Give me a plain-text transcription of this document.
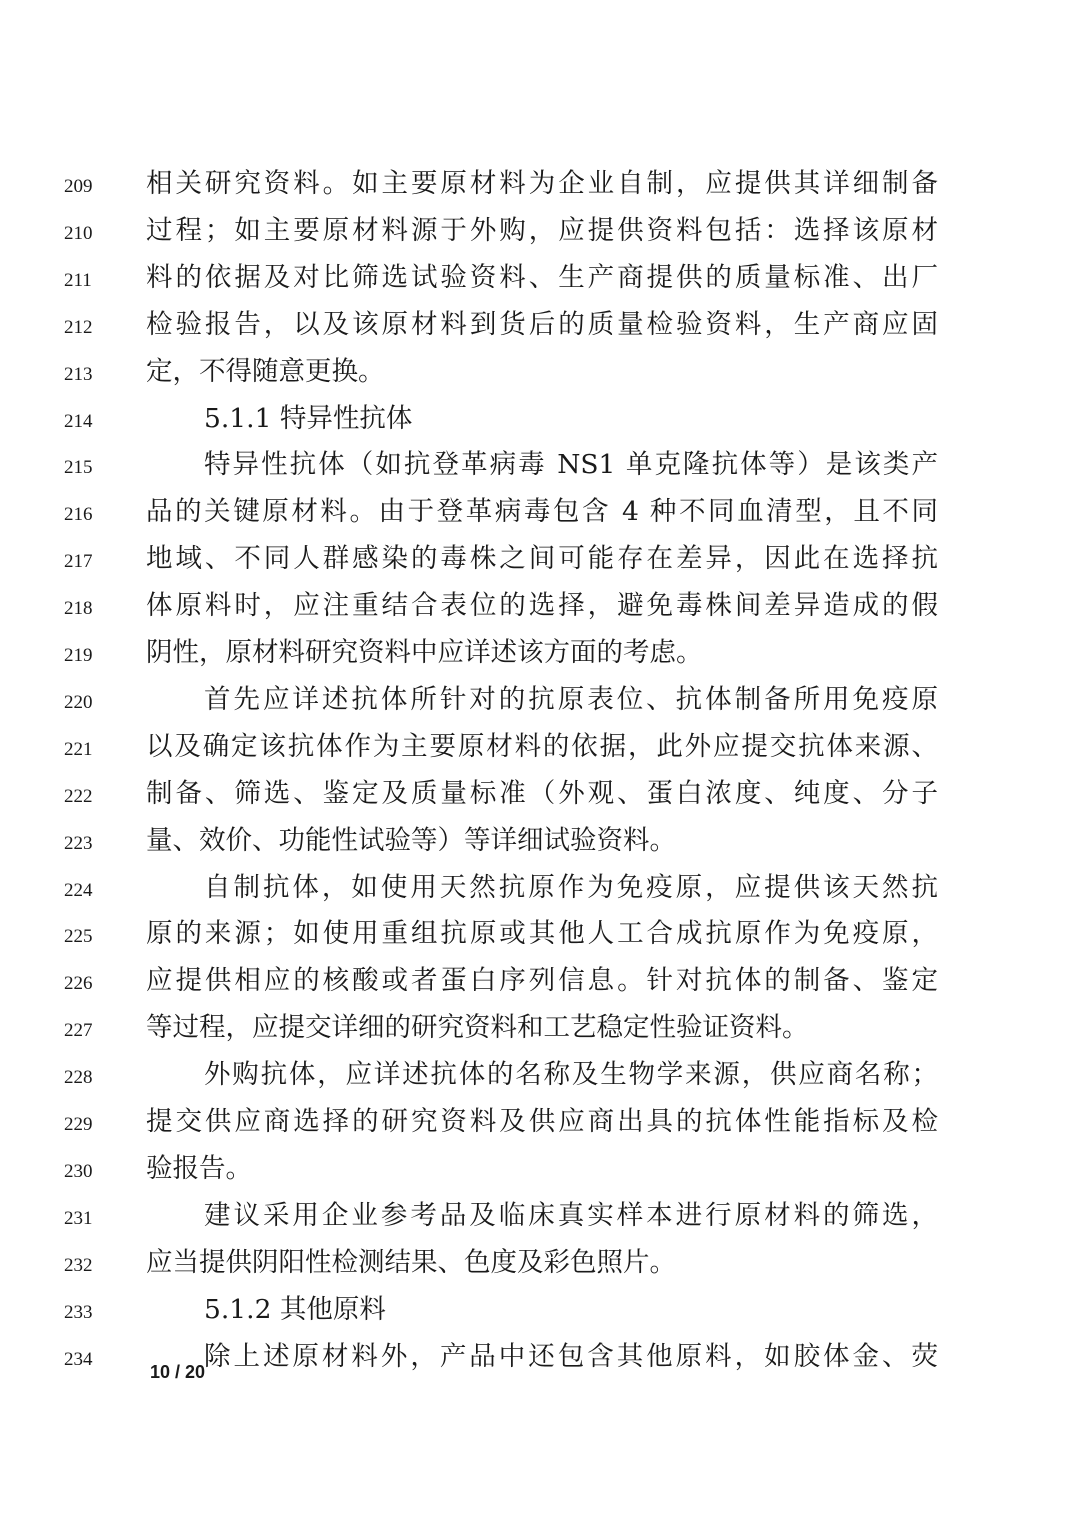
209	相关研究资料。如主要原材料为企业自制，应提供其详细制备
210	过程；如主要原材料源于外购，应提供资料包括：选择该原材
211	料的依据及对比筛选试验资料、生产商提供的质量标准、出厂
212	检验报告，以及该原材料到货后的质量检验资料，生产商应固
213	定，不得随意更换。
214	5.1.1 特异性抗体
215	特异性抗体（如抗登革病毒 NS1 单克隆抗体等）是该类产
216	品的关键原材料。由于登革病毒包含 4 种不同血清型，且不同
217	地域、不同人群感染的毒株之间可能存在差异，因此在选择抗
218	体原料时，应注重结合表位的选择，避免毒株间差异造成的假
219	阴性，原材料研究资料中应详述该方面的考虑。
220	首先应详述抗体所针对的抗原表位、抗体制备所用免疫原
221	以及确定该抗体作为主要原材料的依据，此外应提交抗体来源、
222	制备、筛选、鉴定及质量标准（外观、蛋白浓度、纯度、分子
223	量、效价、功能性试验等）等详细试验资料。
224	自制抗体，如使用天然抗原作为免疫原，应提供该天然抗
225	原的来源；如使用重组抗原或其他人工合成抗原作为免疫原，
226	应提供相应的核酸或者蛋白序列信息。针对抗体的制备、鉴定
227	等过程，应提交详细的研究资料和工艺稳定性验证资料。
228	外购抗体，应详述抗体的名称及生物学来源，供应商名称；
229	提交供应商选择的研究资料及供应商出具的抗体性能指标及检
230	验报告。
231	建议采用企业参考品及临床真实样本进行原材料的筛选，
232	应当提供阴阳性检测结果、色度及彩色照片。
233	5.1.2 其他原料
234	除上述原材料外，产品中还包含其他原料，如胶体金、荧
10 / 20
